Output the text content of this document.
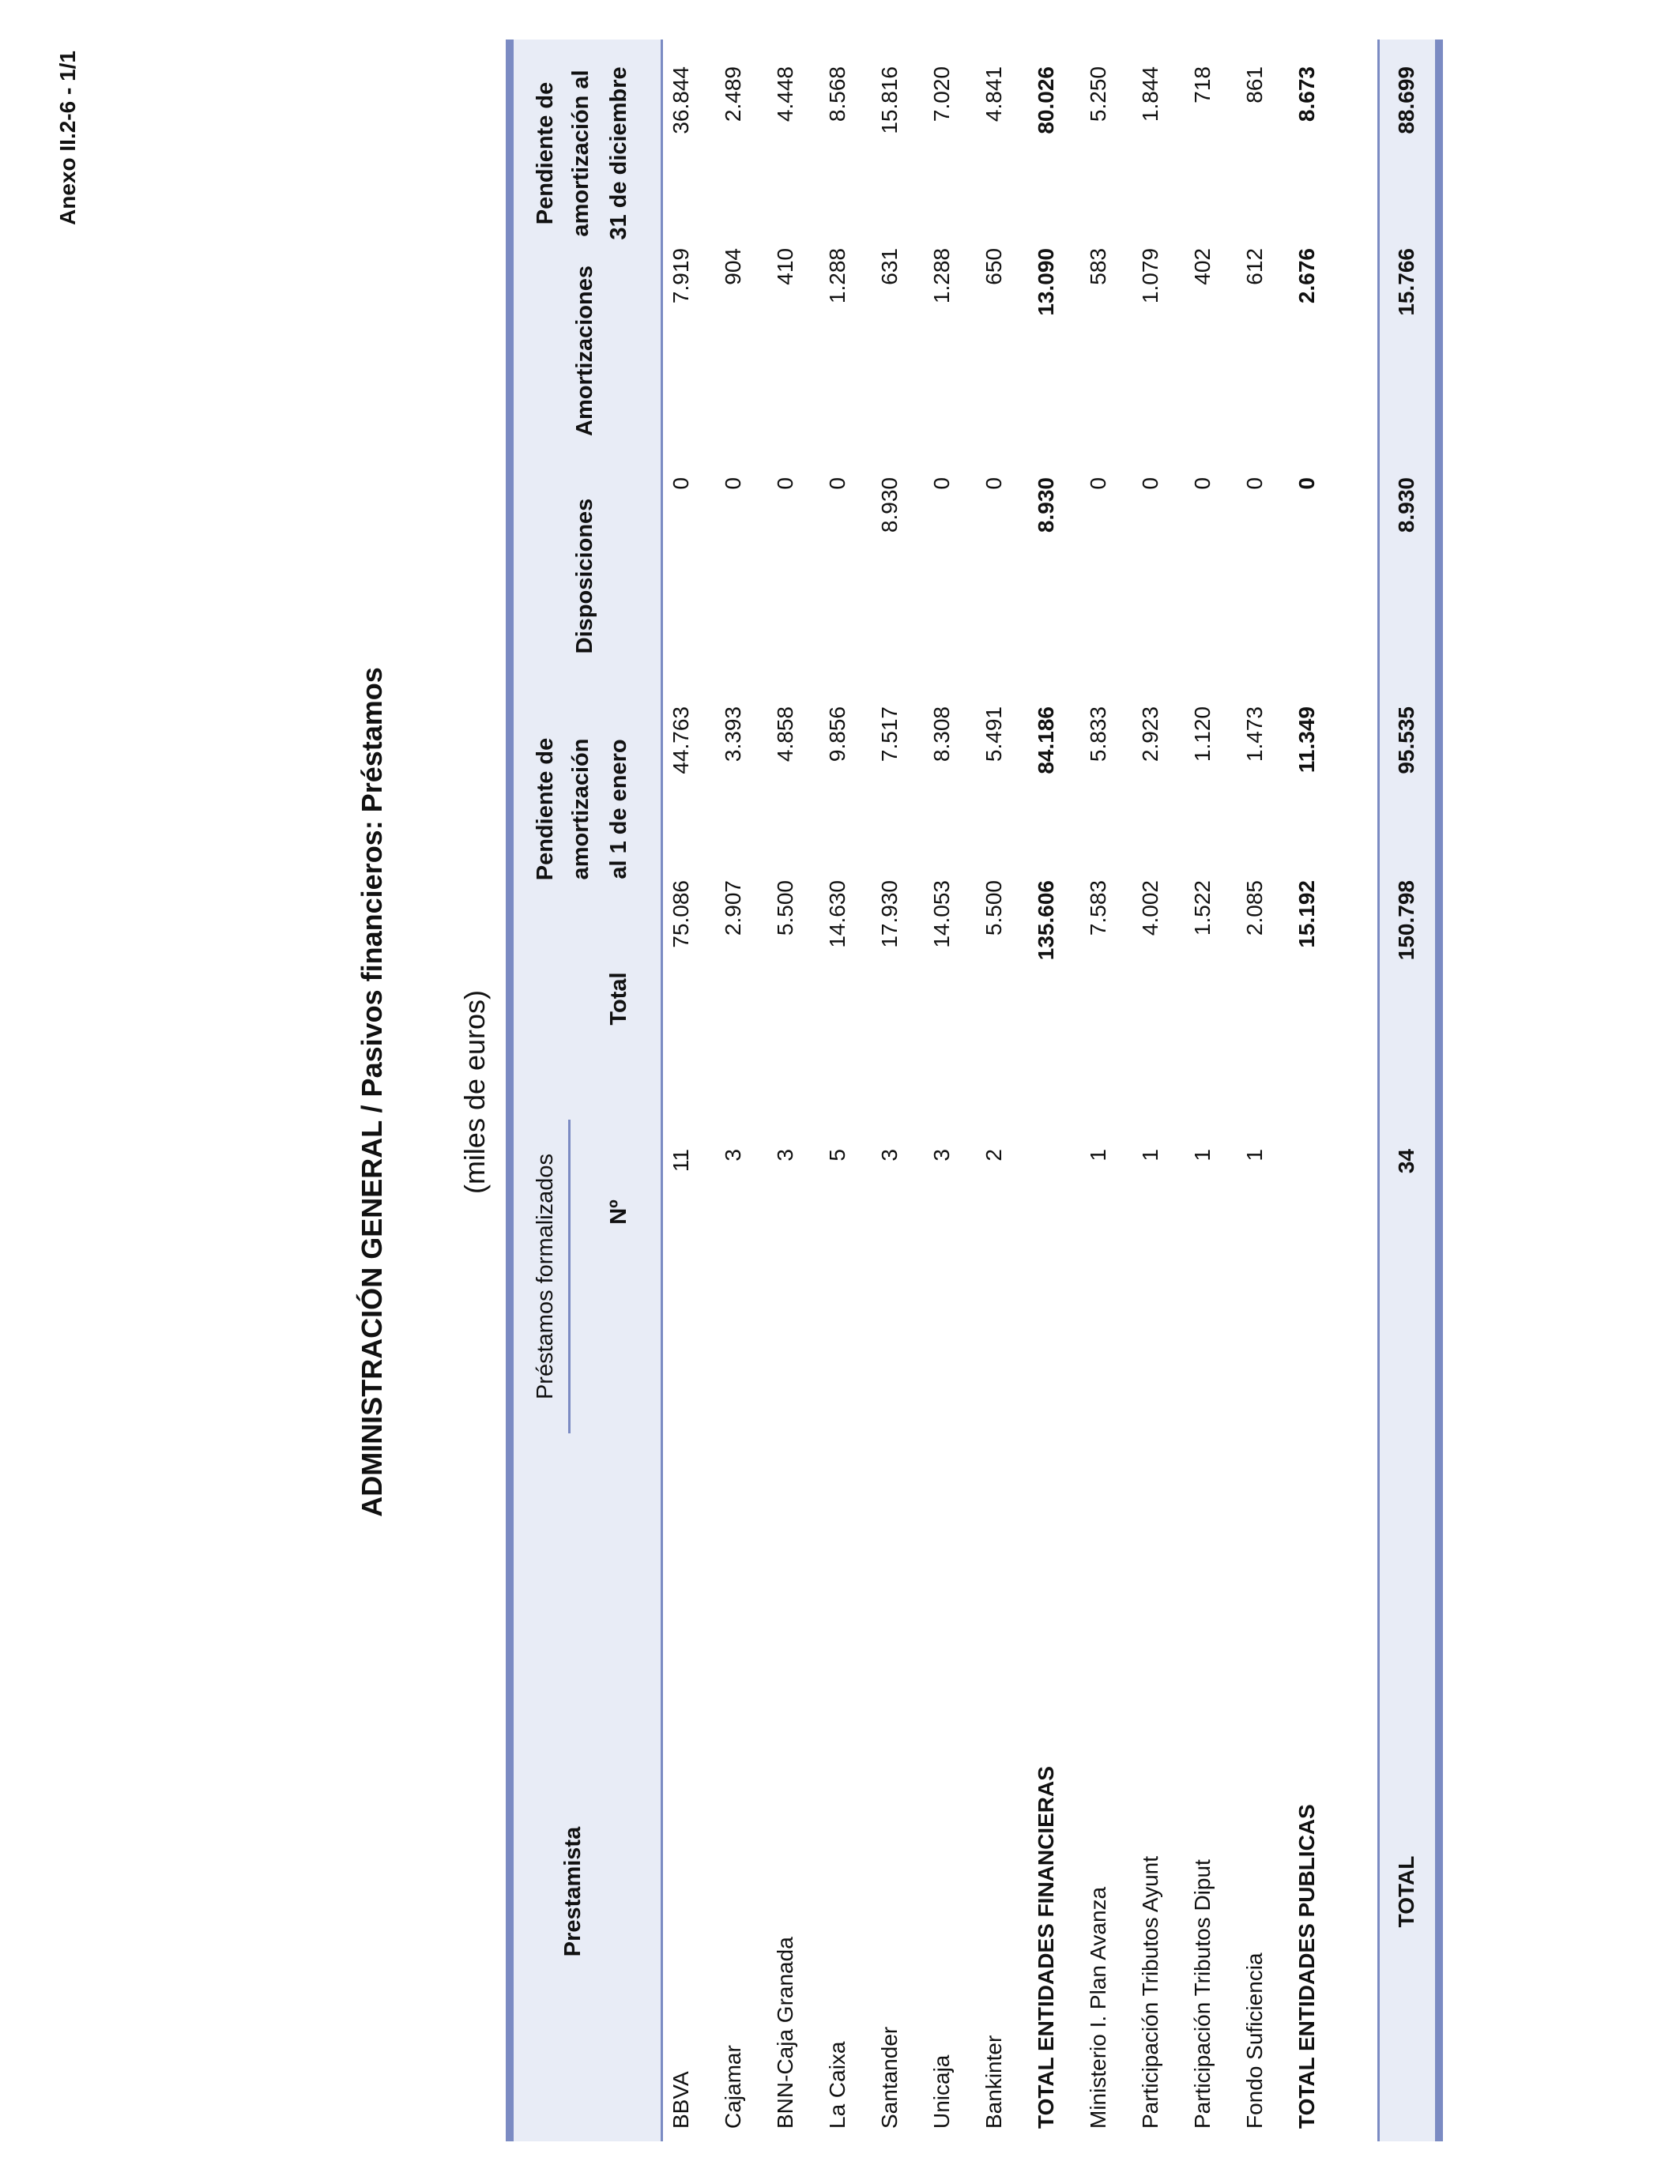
Anexo II.2-6 - 1/1
ADMINISTRACIÓN GENERAL / Pasivos financieros: Préstamos (miles de euros)
Prestamista
Préstamos formalizados	Nº
Total
Pendiente de amortización al 1 de enero
Disposiciones
Amortizaciones
Pendiente de amortización al 31 de diciembre
BBVA
11
75.086
44.763
0
7.919
36.844
Cajamar
3
2.907
3.393
0
904
2.489
BNN-Caja Granada
3
5.500
4.858
0
410
4.448
La Caixa
5
14.630
9.856
0
1.288
8.568
Santander
3
17.930
7.517
8.930
631
15.816
Unicaja
3
14.053
8.308
0
1.288
7.020
Bankinter
2
5.500
5.491
0
650
4.841
TOTAL ENTIDADES FINANCIERAS
135.606
84.186
8.930
13.090
80.026
Ministerio I. Plan Avanza
1
7.583
5.833
0
583
5.250
Participación Tributos Ayunt
1
4.002
2.923
0
1.079
1.844
Participación Tributos Diput
1
1.522
1.120
0
402
718
Fondo Suficiencia
1
2.085
1.473
0
612
861
TOTAL ENTIDADES PUBLICAS
15.192
11.349
0
2.676
8.673
TOTAL
34
150.798
95.535
8.930
15.766
88.699
